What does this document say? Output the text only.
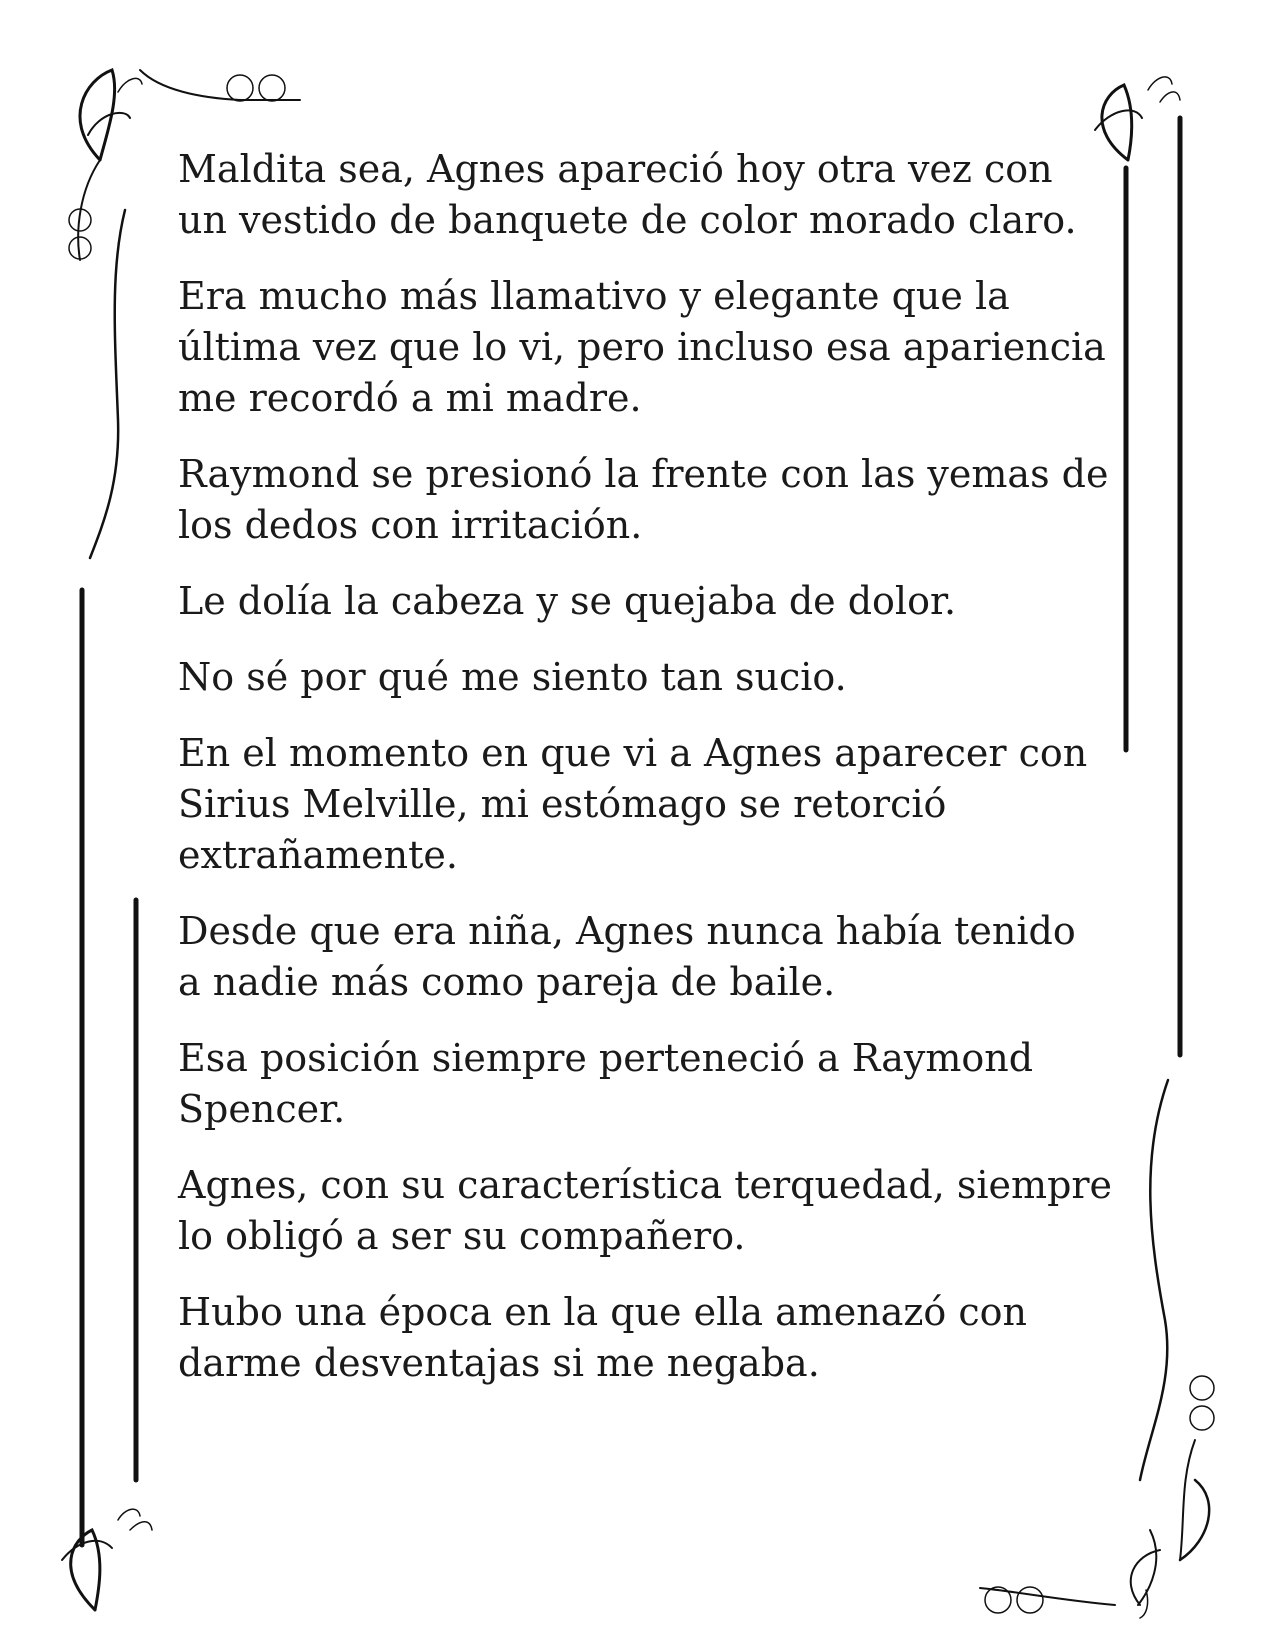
Maldita sea, Agnes apareció hoy otra vez con
un vestido de banquete de color morado claro.

Era mucho más llamativo y elegante que la
última vez que lo vi, pero incluso esa apariencia
me recordó a mi madre.

Raymond se presionó la frente con las yemas de
los dedos con irritación.

Le dolía la cabeza y se quejaba de dolor.

No sé por qué me siento tan sucio.

En el momento en que vi a Agnes aparecer con
Sirius Melville, mi estómago se retorció
extrañamente.

Desde que era niña, Agnes nunca había tenido
a nadie más como pareja de baile.

Esa posición siempre perteneció a Raymond
Spencer.

Agnes, con su característica terquedad, siempre
lo obligó a ser su compañero.

Hubo una época en la que ella amenazó con
darme desventajas si me negaba.
